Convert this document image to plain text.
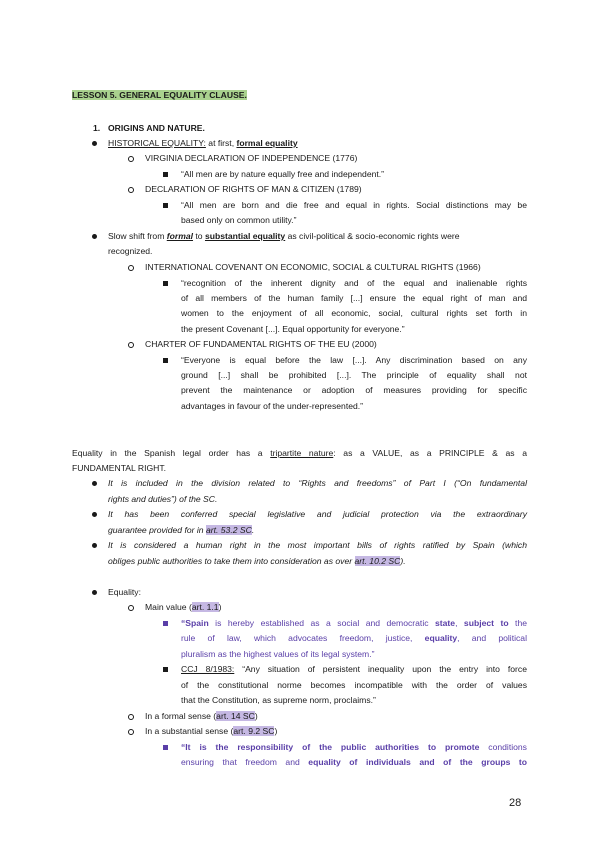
LESSON 5. GENERAL EQUALITY CLAUSE.
1. ORIGINS AND NATURE.
HISTORICAL EQUALITY: at first, formal equality
VIRGINIA DECLARATION OF INDEPENDENCE (1776)
“All men are by nature equally free and independent.”
DECLARATION OF RIGHTS OF MAN & CITIZEN (1789)
“All men are born and die free and equal in rights. Social distinctions may be
based only on common utility.”
Slow shift from formal to substantial equality as civil-political & socio-economic rights were
recognized.
INTERNATIONAL COVENANT ON ECONOMIC, SOCIAL & CULTURAL RIGHTS (1966)
“recognition of the inherent dignity and of the equal and inalienable rights
of all members of the human family [...] ensure the equal right of man and
women to the enjoyment of all economic, social, cultural rights set forth in
the present Covenant [...]. Equal opportunity for everyone.”
CHARTER OF FUNDAMENTAL RIGHTS OF THE EU (2000)
“Everyone is equal before the law [...]. Any discrimination based on any
ground [...] shall be prohibited [...]. The principle of equality shall not
prevent the maintenance or adoption of measures providing for specific
advantages in favour of the under-represented.”
Equality in the Spanish legal order has a tripartite nature: as a VALUE, as a PRINCIPLE & as a
FUNDAMENTAL RIGHT.
It is included in the division related to “Rights and freedoms” of Part I (“On fundamental
rights and duties”) of the SC.
It has been conferred special legislative and judicial protection via the extraordinary
guarantee provided for in art. 53.2 SC.
It is considered a human right in the most important bills of rights ratified by Spain (which
obliges public authorities to take them into consideration as over art. 10.2 SC).
Equality:
Main value (art. 1.1)
“Spain is hereby established as a social and democratic state, subject to the
rule of law, which advocates freedom, justice, equality, and political
pluralism as the highest values of its legal system.”
CCJ 8/1983: “Any situation of persistent inequality upon the entry into force
of the constitutional norme becomes incompatible with the order of values
that the Constitution, as supreme norm, proclaims.”
In a formal sense (art. 14 SC)
In a substantial sense (art. 9.2 SC)
“It is the responsibility of the public authorities to promote conditions
ensuring that freedom and equality of individuals and of the groups to
28
